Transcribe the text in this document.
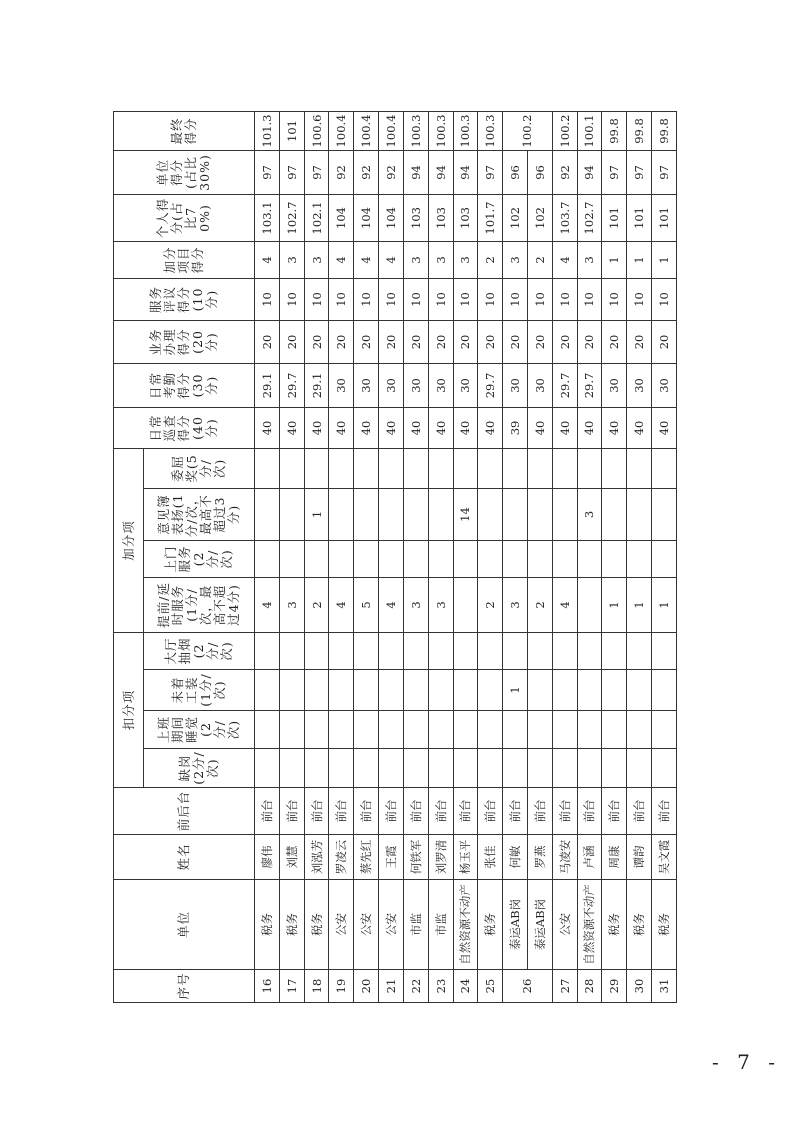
序号	单位	姓名	前后台	扣分项				加分项				日常巡查得分(40分)	日常考勤得分(30分)	业务办理得分(20分)	服务评议得分(10分)	加分项目得分	个人得分(占比70%)	单位得分(占比30%)	最终得分
				缺岗(2分/次)	上班期间睡觉(2分/次)	未着工装(1分/次)	大厅抽烟(2分/次)	提前/延时服务(1分/次，最高不超过4分)	上门服务(2分/次)	意见簿表扬(1分/次，最高不超过3分)	委屈奖(5分/次)								
16	税务	廖伟	前台					4				40	29.1	20	10	4	103.1	97	101.3
17	税务	刘慧	前台					3				40	29.7	20	10	3	102.7	97	101
18	税务	刘泓芳	前台					2		1		40	29.1	20	10	3	102.1	97	100.6
19	公安	罗凌云	前台					4				40	30	20	10	4	104	92	100.4
20	公安	蔡先红	前台					5				40	30	20	10	4	104	92	100.4
21	公安	王霞	前台					4				40	30	20	10	4	104	92	100.4
22	市监	何铁军	前台					3				40	30	20	10	3	103	94	100.3
23	市监	刘罗清	前台					3				40	30	20	10	3	103	94	100.3
24	自然资源不动产	杨玉平	前台							14		40	30	20	10	3	103	94	100.3
25	税务	张佳	前台					2				40	29.7	20	10	2	101.7	97	100.3
26	泰运AB岗	何敏	前台			1		3				39	30	20	10	3	102	96	100.2
	泰运AB岗	罗燕	前台					2				40	30	20	10	2	102	96	
27	公安	马凌安	前台					4				40	29.7	20	10	4	103.7	92	100.2
28	自然资源不动产	卢涵	前台							3		40	29.7	20	10	3	102.7	94	100.1
29	税务	周康	前台					1				40	30	20	10	1	101	97	99.8
30	税务	谭韵	前台					1				40	30	20	10	1	101	97	99.8
31	税务	吴文霞	前台					1				40	30	20	10	1	101	97	99.8
- 7 -
